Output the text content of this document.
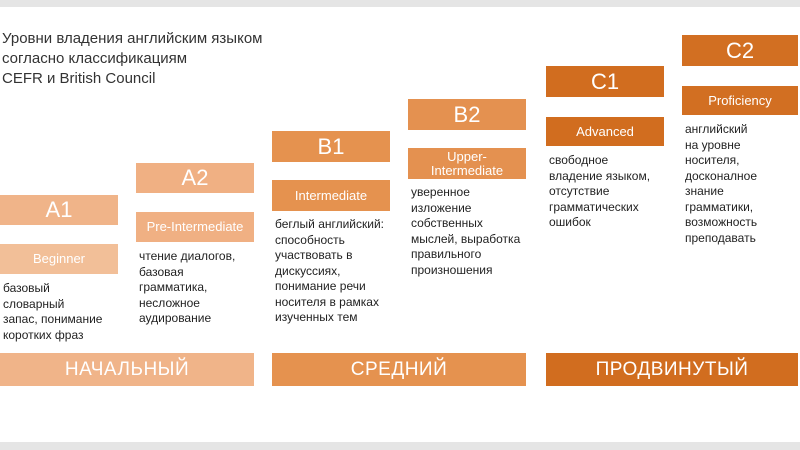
Уровни владения английским языком
согласно классификациям
CEFR и British Council
A1
Beginner
базовый
словарный
запас, понимание
коротких фраз
A2
Pre-Intermediate
чтение диалогов,
базовая
грамматика,
несложное
аудирование
B1
Intermediate
беглый английский:
способность
участвовать в
дискуссиях,
понимание речи
носителя в рамках
изученных тем
B2
Upper-
Intermediate
уверенное
изложение
собственных
мыслей, выработка
правильного
произношения
C1
Advanced
свободное
владение языком,
отсутствие
грамматических
ошибок
C2
Proficiency
английский
на уровне
носителя,
досконалное
знание
грамматики,
возможность
преподавать
НАЧАЛЬНЫЙ	СРЕДНИЙ	ПРОДВИНУТЫЙ
